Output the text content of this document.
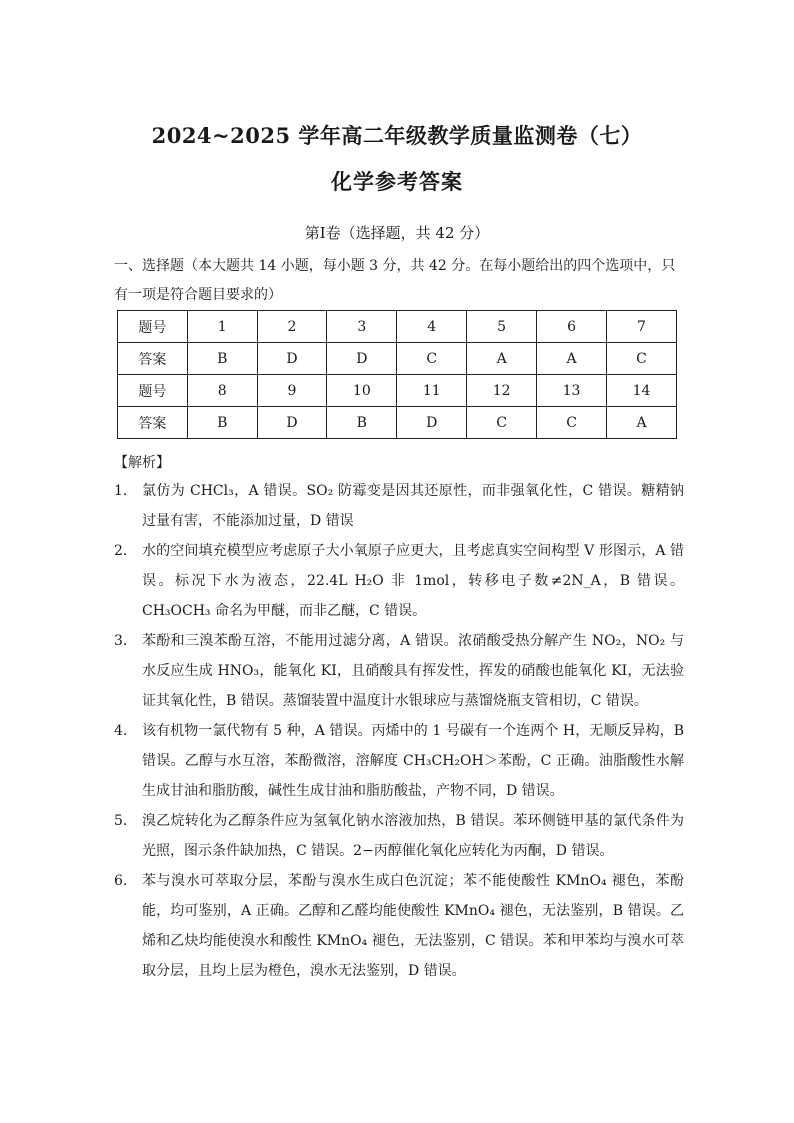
2024~2025 学年高二年级教学质量监测卷（七）
化学参考答案
第Ⅰ卷（选择题，共 42 分）
一、选择题（本大题共 14 小题，每小题 3 分，共 42 分。在每小题给出的四个选项中，只有一项是符合题目要求的）
题号	1	2	3	4	5	6	7
答案	B	D	D	C	A	A	C
题号	8	9	10	11	12	13	14
答案	B	D	B	D	C	C	A
【解析】
1． 氯仿为 CHCl₃，A 错误。SO₂ 防霉变是因其还原性，而非强氧化性，C 错误。糖精钠过量有害，不能添加过量，D 错误
2． 水的空间填充模型应考虑原子大小氧原子应更大，且考虑真实空间构型 V 形图示，A 错误。标况下水为液态，22.4L H₂O 非 1mol，转移电子数≠2N_A，B 错误。CH₃OCH₃ 命名为甲醚，而非乙醚，C 错误。
3． 苯酚和三溴苯酚互溶，不能用过滤分离，A 错误。浓硝酸受热分解产生 NO₂，NO₂ 与水反应生成 HNO₃，能氧化 KI，且硝酸具有挥发性，挥发的硝酸也能氧化 KI，无法验证其氧化性，B 错误。蒸馏装置中温度计水银球应与蒸馏烧瓶支管相切，C 错误。
4． 该有机物一氯代物有 5 种，A 错误。丙烯中的 1 号碳有一个连两个 H，无顺反异构，B 错误。乙醇与水互溶，苯酚微溶，溶解度 CH₃CH₂OH＞苯酚，C 正确。油脂酸性水解生成甘油和脂肪酸，碱性生成甘油和脂肪酸盐，产物不同，D 错误。
5． 溴乙烷转化为乙醇条件应为氢氧化钠水溶液加热，B 错误。苯环侧链甲基的氯代条件为光照，图示条件缺加热，C 错误。2−丙醇催化氧化应转化为丙酮，D 错误。
6． 苯与溴水可萃取分层，苯酚与溴水生成白色沉淀；苯不能使酸性 KMnO₄ 褪色，苯酚能，均可鉴别，A 正确。乙醇和乙醛均能使酸性 KMnO₄ 褪色，无法鉴别，B 错误。乙烯和乙炔均能使溴水和酸性 KMnO₄ 褪色，无法鉴别，C 错误。苯和甲苯均与溴水可萃取分层，且均上层为橙色，溴水无法鉴别，D 错误。
